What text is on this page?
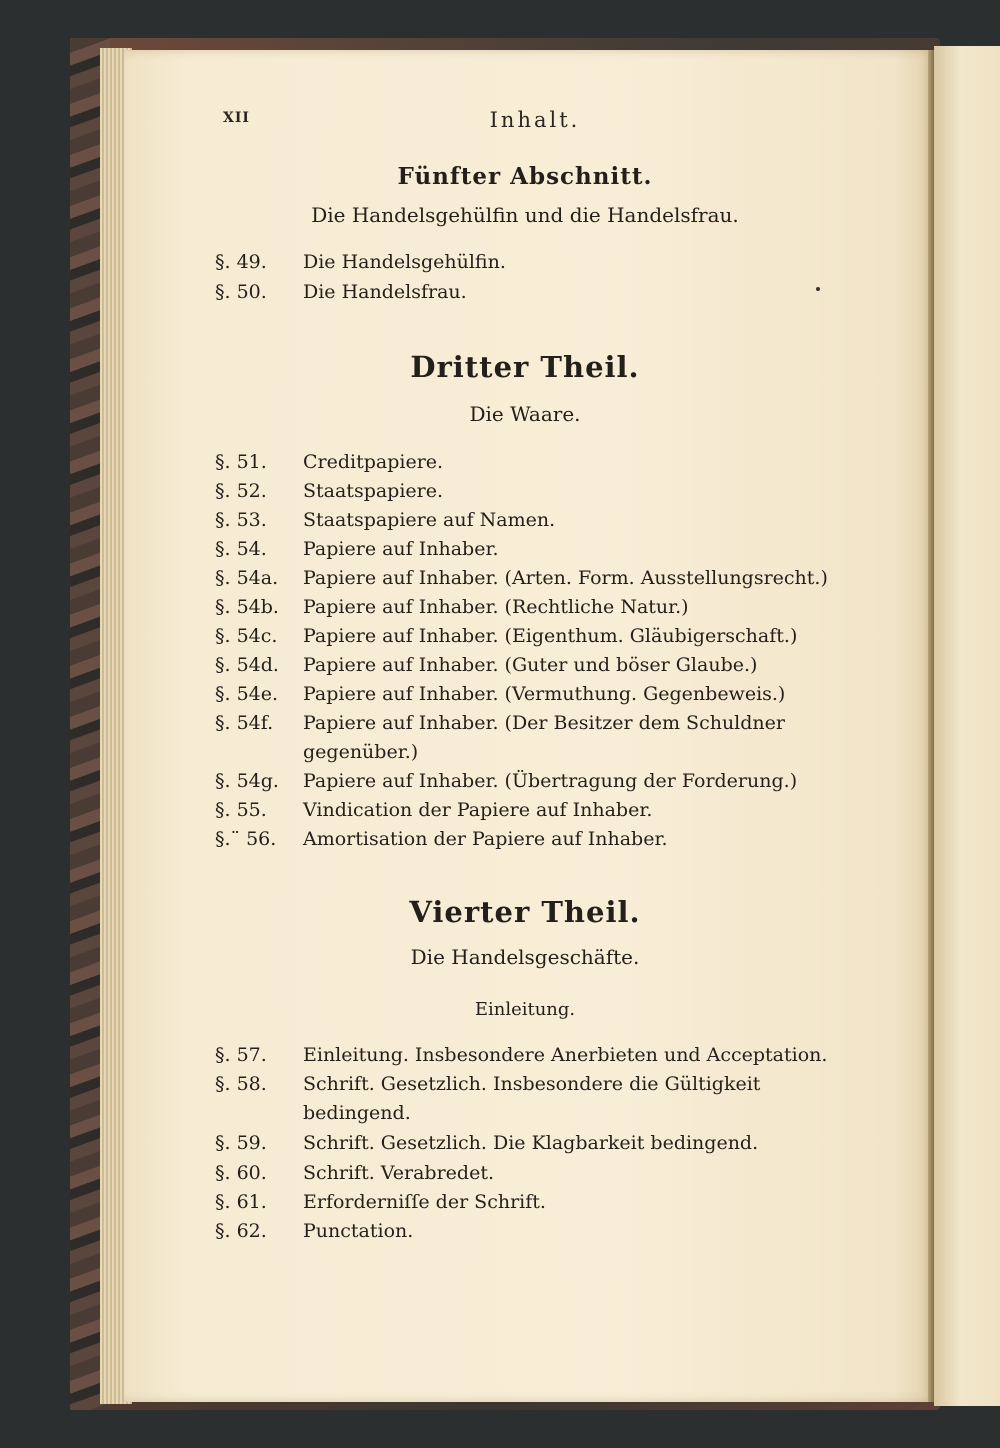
XII	Inhalt.
Fünfter Abschnitt.
Die Handelsgehülfin und die Handelsfrau.
§. 49.	Die Handelsgehülfin.
§. 50.	Die Handelsfrau.
Dritter Theil.
Die Waare.
§. 51.	Creditpapiere.
§. 52.	Staatspapiere.
§. 53.	Staatspapiere auf Namen.
§. 54.	Papiere auf Inhaber.
§. 54a.	Papiere auf Inhaber. (Arten. Form. Ausstellungsrecht.)
§. 54b.	Papiere auf Inhaber. (Rechtliche Natur.)
§. 54c.	Papiere auf Inhaber. (Eigenthum. Gläubigerschaft.)
§. 54d.	Papiere auf Inhaber. (Guter und böser Glaube.)
§. 54e.	Papiere auf Inhaber. (Vermuthung. Gegenbeweis.)
§. 54f.	Papiere auf Inhaber. (Der Besitzer dem Schuldner gegenüber.)
§. 54g.	Papiere auf Inhaber. (Übertragung der Forderung.)
§. 55.	Vindication der Papiere auf Inhaber.
§.¨ 56.	Amortisation der Papiere auf Inhaber.
Vierter Theil.
Die Handelsgeschäfte.
Einleitung.
§. 57.	Einleitung. Insbesondere Anerbieten und Acceptation.
§. 58.	Schrift. Gesetzlich. Insbesondere die Gültigkeit bedingend.
§. 59.	Schrift. Gesetzlich. Die Klagbarkeit bedingend.
§. 60.	Schrift. Verabredet.
§. 61.	Erforderniſſe der Schrift.
§. 62.	Punctation.
